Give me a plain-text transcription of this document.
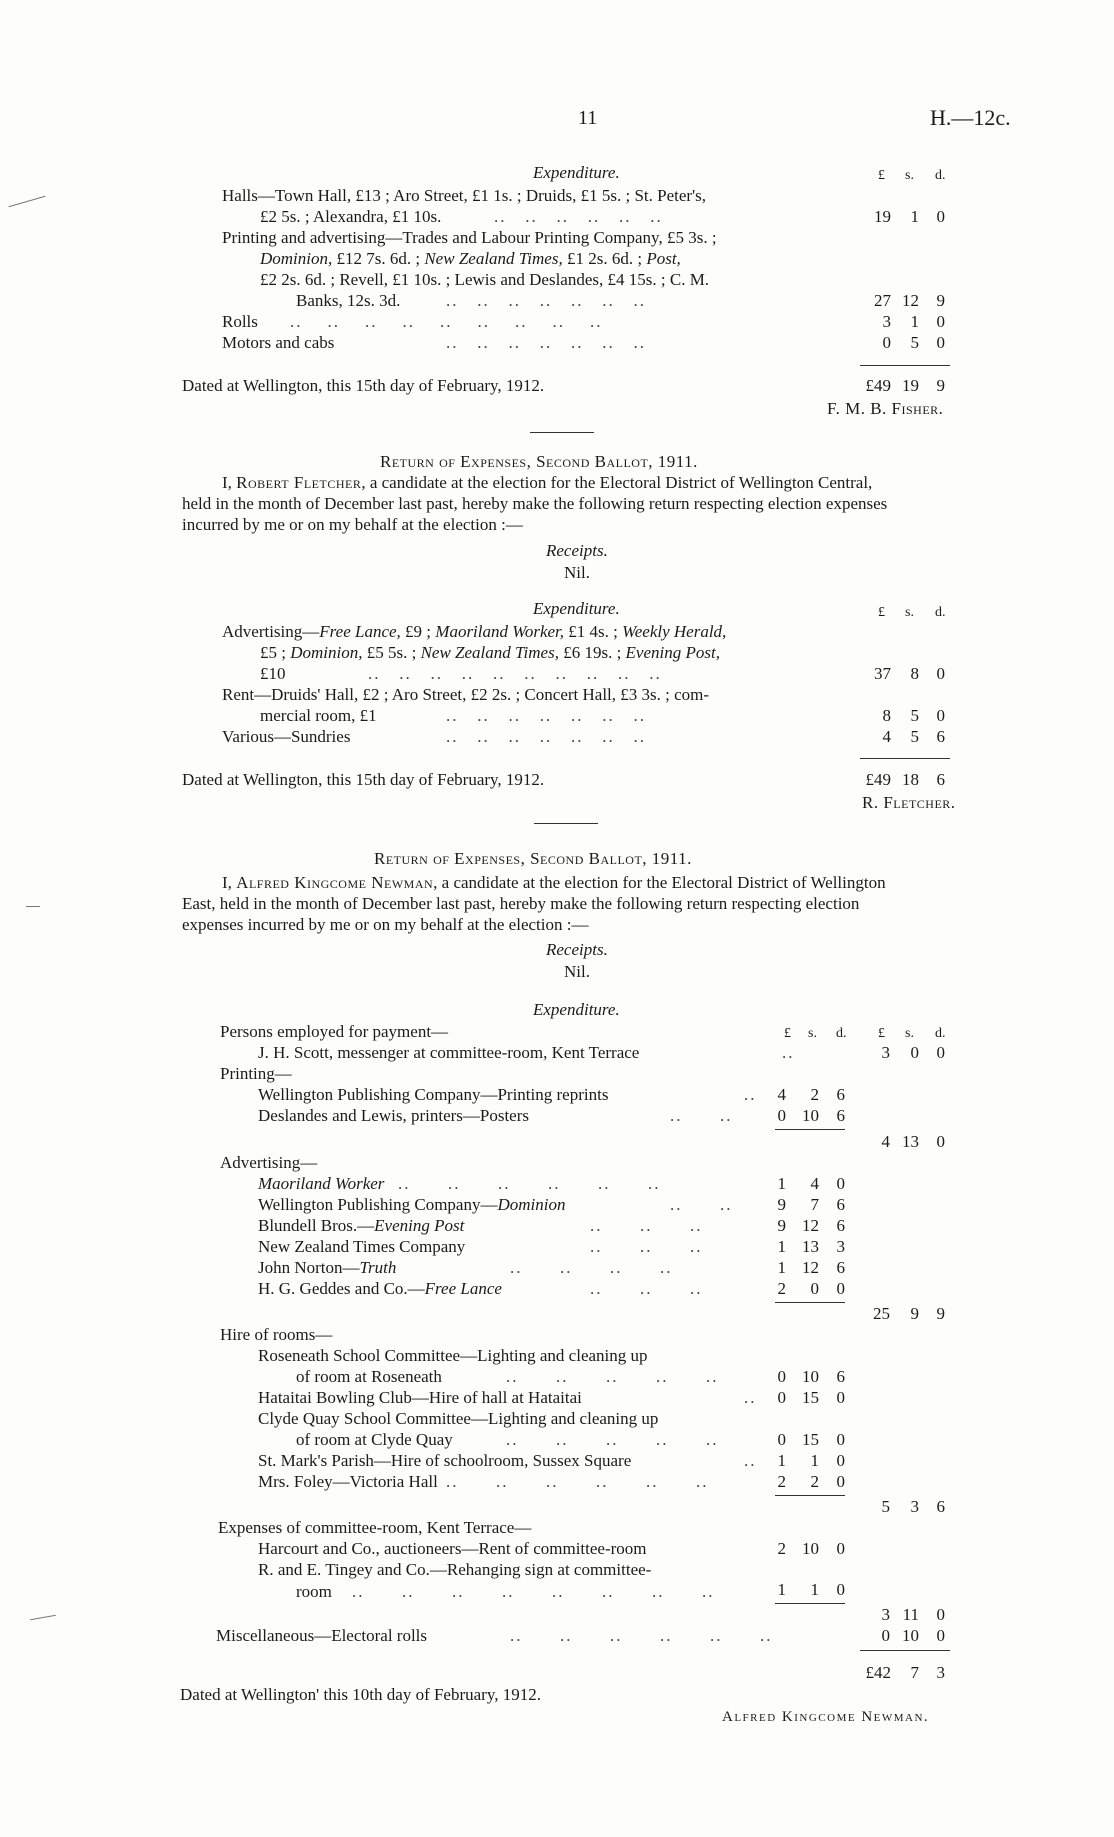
11	H.—12c.
Expenditure.	£ s. d.
Halls—Town Hall, £13 ; Aro Street, £1 1s. ; Druids, £1 5s. ; St. Peter's,
£2 5s. ; Alexandra, £1 10s.	..   ..   ..   ..   ..   ..	19	1	0
Printing and advertising—Trades and Labour Printing Company, £5 3s. ;
Dominion, £12 7s. 6d. ; New Zealand Times, £1 2s. 6d. ; Post,
£2 2s. 6d. ; Revell, £1 10s. ; Lewis and Deslandes, £4 15s. ; C. M.
Banks, 12s. 3d.	..   ..   ..   ..   ..   ..   ..	27 12	9
Rolls ..    ..    ..    ..    ..    ..    ..    ..    ..	3	1	0
Motors and cabs	..   ..   ..   ..   ..   ..   ..	0	5	0
Dated at Wellington, this 15th day of February, 1912.	£49 19	9
F. M. B. Fisher.
Return of Expenses, Second Ballot, 1911.
I, Robert Fletcher, a candidate at the election for the Electoral District of Wellington Central,
held in the month of December last past, hereby make the following return respecting election expenses
incurred by me or on my behalf at the election :—
Receipts.
Nil.
Expenditure.	£ s. d.
Advertising—Free Lance, £9 ; Maoriland Worker, £1 4s. ; Weekly Herald,
£5 ; Dominion, £5 5s. ; New Zealand Times, £6 19s. ; Evening Post,
£10	..   ..   ..   ..   ..   ..   ..   ..   ..   ..	37	8	0
Rent—Druids' Hall, £2 ; Aro Street, £2 2s. ; Concert Hall, £3 3s. ; com-
mercial room, £1	..   ..   ..   ..   ..   ..   ..	8	5	0
Various—Sundries	..   ..   ..   ..   ..   ..   ..	4	5	6
Dated at Wellington, this 15th day of February, 1912.	£49 18	6
R. Fletcher.
Return of Expenses, Second Ballot, 1911.
I, Alfred Kingcome Newman, a candidate at the election for the Electoral District of Wellington
East, held in the month of December last past, hereby make the following return respecting election
expenses incurred by me or on my behalf at the election :—
Receipts.
Nil.
Expenditure.
£ s. d. £ s. d.
Persons employed for payment—
J. H. Scott, messenger at committee-room, Kent Terrace	..	3	0	0
Printing—
Wellington Publishing Company—Printing reprints	..	4	2	6
Deslandes and Lewis, printers—Posters	..      ..	0 10	6
4 13	0
Advertising—
Maoriland Worker ..      ..      ..      ..      ..      ..	1	4	0
Wellington Publishing Company—Dominion	..      ..	9	7	6
Blundell Bros.—Evening Post	..      ..      ..	9 12	6
New Zealand Times Company	..      ..      ..	1 13	3
John Norton—Truth	..      ..      ..      ..	1 12	6
H. G. Geddes and Co.—Free Lance	..      ..      ..	2	0	0
25	9	9
Hire of rooms—
Roseneath School Committee—Lighting and cleaning up
of room at Roseneath	..      ..      ..      ..      ..	0 10	6
Hataitai Bowling Club—Hire of hall at Hataitai	..	0 15	0
Clyde Quay School Committee—Lighting and cleaning up
of room at Clyde Quay	..      ..      ..      ..      ..	0 15	0
St. Mark's Parish—Hire of schoolroom, Sussex Square	..	1	1	0
Mrs. Foley—Victoria Hall ..      ..      ..      ..      ..      ..	2	2	0
5	3	6
Expenses of committee-room, Kent Terrace—
Harcourt and Co., auctioneers—Rent of committee-room	2 10	0
R. and E. Tingey and Co.—Rehanging sign at committee-
room ..      ..      ..      ..      ..      ..      ..      ..	1	1	0
3 11	0
Miscellaneous—Electoral rolls	..      ..      ..      ..      ..      ..	0 10	0
£42	7	3
Dated at Wellington' this 10th day of February, 1912.
Alfred Kingcome Newman.
